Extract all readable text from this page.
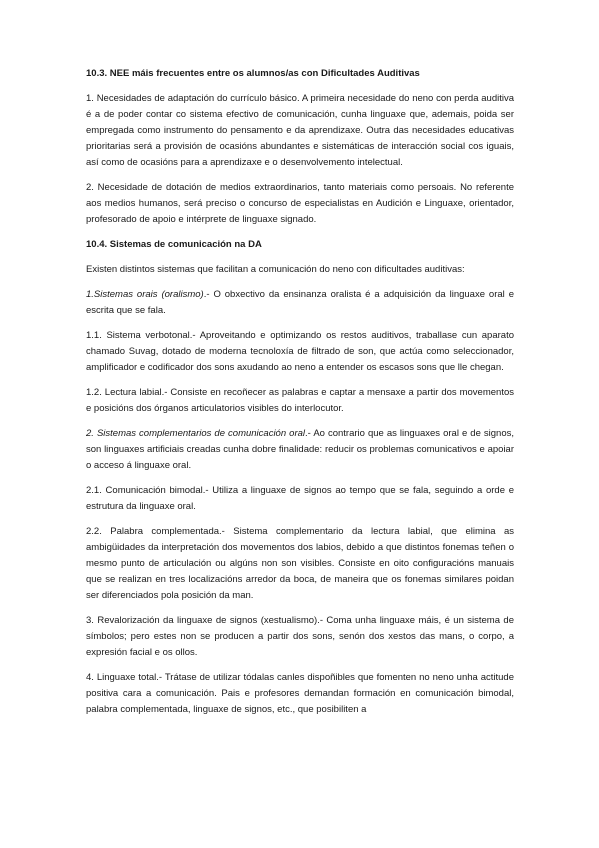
10.3. NEE máis frecuentes entre os alumnos/as con Dificultades Auditivas

1. Necesidades de adaptación do currículo básico. A primeira necesidade do neno con perda auditiva é a de poder contar co sistema efectivo de comunicación, cunha linguaxe que, ademais, poida ser empregada como instrumento do pensamento e da aprendizaxe. Outra das necesidades educativas prioritarias será a provisión de ocasións abundantes e sistemáticas de interacción social cos iguais, así como de ocasións para a aprendizaxe e o desenvolvemento intelectual.

2. Necesidade de dotación de medios extraordinarios, tanto materiais como persoais. No referente aos medios humanos, será preciso o concurso de especialistas en Audición e Linguaxe, orientador, profesorado de apoio e intérprete de linguaxe signado.

10.4. Sistemas de comunicación na DA

Existen distintos sistemas que facilitan a comunicación do neno con dificultades auditivas:

1.Sistemas orais (oralismo).- O obxectivo da ensinanza oralista é a adquisición da linguaxe oral e escrita que se fala.

1.1. Sistema verbotonal.- Aproveitando e optimizando os restos auditivos, traballase cun aparato chamado Suvag, dotado de moderna tecnoloxía de filtrado de son, que actúa como seleccionador, amplificador e codificador dos sons axudando ao neno a entender os escasos sons que lle chegan.

1.2. Lectura labial.- Consiste en recoñecer as palabras e captar a mensaxe a partir dos movementos e posicións dos órganos articulatorios visibles do interlocutor.

2. Sistemas complementarios de comunicación oral.- Ao contrario que as linguaxes oral e de signos, son linguaxes artificiais creadas cunha dobre finalidade: reducir os problemas comunicativos e apoiar o acceso á linguaxe oral.

2.1. Comunicación bimodal.- Utiliza a linguaxe de signos ao tempo que se fala, seguindo a orde e estrutura da linguaxe oral.

2.2. Palabra complementada.- Sistema complementario da lectura labial, que elimina as ambigüidades da interpretación dos movementos dos labios, debido a que distintos fonemas teñen o mesmo punto de articulación ou algúns non son visibles. Consiste en oito configuracións manuais que se realizan en tres localizacións arredor da boca, de maneira que os fonemas similares poidan ser diferenciados pola posición da man.

3. Revalorización da linguaxe de signos (xestualismo).- Coma unha linguaxe máis, é un sistema de símbolos; pero estes non se producen a partir dos sons, senón dos xestos das mans, o corpo, a expresión facial e os ollos.

4. Linguaxe total.- Trátase de utilizar tódalas canles dispoñibles que fomenten no neno unha actitude positiva cara a comunicación. Pais e profesores demandan formación en comunicación bimodal, palabra complementada, linguaxe de signos, etc., que posibiliten a
